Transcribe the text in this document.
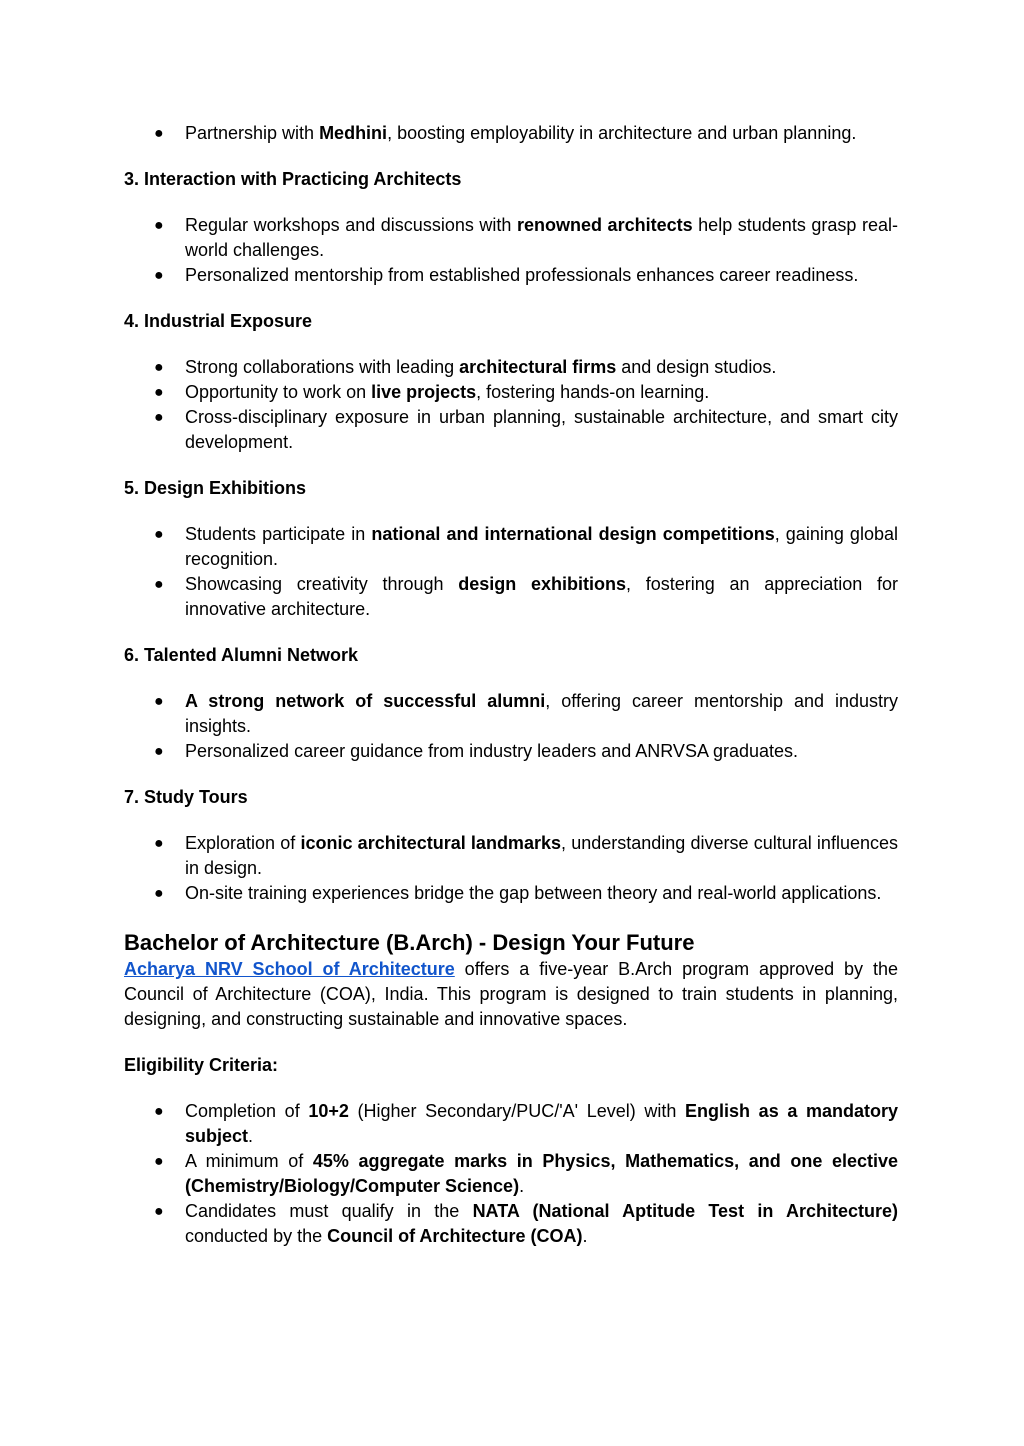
● Partnership with Medhini, boosting employability in architecture and urban planning.
3. Interaction with Practicing Architects
● Regular workshops and discussions with renowned architects help students grasp real-world challenges.
● Personalized mentorship from established professionals enhances career readiness.
4. Industrial Exposure
● Strong collaborations with leading architectural firms and design studios.
● Opportunity to work on live projects, fostering hands-on learning.
● Cross-disciplinary exposure in urban planning, sustainable architecture, and smart city development.
5. Design Exhibitions
● Students participate in national and international design competitions, gaining global recognition.
● Showcasing creativity through design exhibitions, fostering an appreciation for innovative architecture.
6. Talented Alumni Network
● A strong network of successful alumni, offering career mentorship and industry insights.
● Personalized career guidance from industry leaders and ANRVSA graduates.
7. Study Tours
● Exploration of iconic architectural landmarks, understanding diverse cultural influences in design.
● On-site training experiences bridge the gap between theory and real-world applications.
Bachelor of Architecture (B.Arch) - Design Your Future

Acharya NRV School of Architecture offers a five-year B.Arch program approved by the Council of Architecture (COA), India. This program is designed to train students in planning, designing, and constructing sustainable and innovative spaces.

Eligibility Criteria:
● Completion of 10+2 (Higher Secondary/PUC/'A' Level) with English as a mandatory subject.
● A minimum of 45% aggregate marks in Physics, Mathematics, and one elective (Chemistry/Biology/Computer Science).
● Candidates must qualify in the NATA (National Aptitude Test in Architecture) conducted by the Council of Architecture (COA).
